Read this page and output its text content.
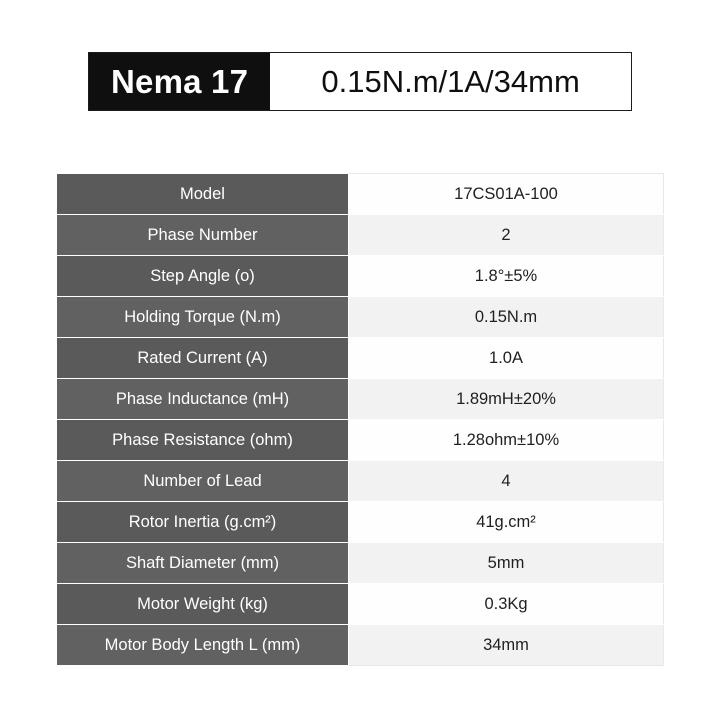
Nema 17	0.15N.m/1A/34mm
Model	17CS01A-100
Phase Number	2
Step Angle (o)	1.8°±5%
Holding Torque (N.m)	0.15N.m
Rated Current (A)	1.0A
Phase Inductance (mH)	1.89mH±20%
Phase Resistance (ohm)	1.28ohm±10%
Number of Lead	4
Rotor Inertia (g.cm²)	41g.cm²
Shaft Diameter (mm)	5mm
Motor Weight (kg)	0.3Kg
Motor Body Length L (mm)	34mm
